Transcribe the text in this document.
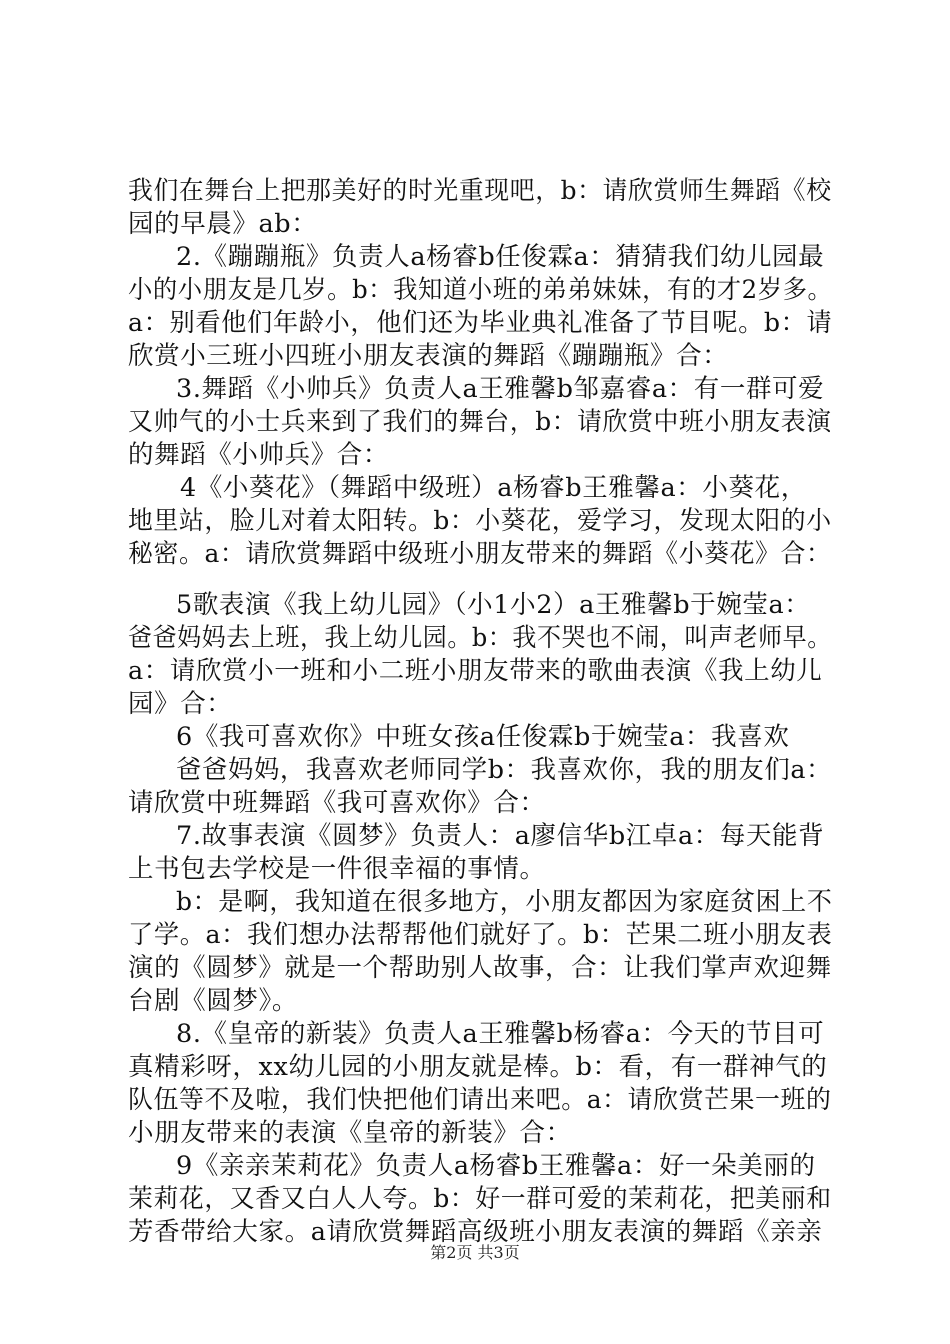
我们在舞台上把那美好的时光重现吧，b：请欣赏师生舞蹈《校
园的早晨》ab：
2.《蹦蹦瓶》负责人a杨睿b任俊霖a：猜猜我们幼儿园最
小的小朋友是几岁。b：我知道小班的弟弟妹妹，有的才2岁多。
a：别看他们年龄小，他们还为毕业典礼准备了节目呢。b：请
欣赏小三班小四班小朋友表演的舞蹈《蹦蹦瓶》合：
3.舞蹈《小帅兵》负责人a王雅馨b邹嘉睿a：有一群可爱
又帅气的小士兵来到了我们的舞台，b：请欣赏中班小朋友表演
的舞蹈《小帅兵》合：
4《小葵花》（舞蹈中级班）a杨睿b王雅馨a：小葵花，
地里站，脸儿对着太阳转。b：小葵花，爱学习，发现太阳的小
秘密。a：请欣赏舞蹈中级班小朋友带来的舞蹈《小葵花》合：
5歌表演《我上幼儿园》（小1小2）a王雅馨b于婉莹a：
爸爸妈妈去上班，我上幼儿园。b：我不哭也不闹，叫声老师早。
a：请欣赏小一班和小二班小朋友带来的歌曲表演《我上幼儿
园》合：
6《我可喜欢你》中班女孩a任俊霖b于婉莹a：我喜欢
爸爸妈妈，我喜欢老师同学b：我喜欢你，我的朋友们a：
请欣赏中班舞蹈《我可喜欢你》合：
7.故事表演《圆梦》负责人：a廖信华b江卓a：每天能背
上书包去学校是一件很幸福的事情。
b：是啊，我知道在很多地方，小朋友都因为家庭贫困上不
了学。a：我们想办法帮帮他们就好了。b：芒果二班小朋友表
演的《圆梦》就是一个帮助别人故事，合：让我们掌声欢迎舞
台剧《圆梦》。
8.《皇帝的新装》负责人a王雅馨b杨睿a：今天的节目可
真精彩呀，xx幼儿园的小朋友就是棒。b：看，有一群神气的
队伍等不及啦，我们快把他们请出来吧。a：请欣赏芒果一班的
小朋友带来的表演《皇帝的新装》合：
9《亲亲茉莉花》负责人a杨睿b王雅馨a：好一朵美丽的
茉莉花，又香又白人人夸。b：好一群可爱的茉莉花，把美丽和
芳香带给大家。a请欣赏舞蹈高级班小朋友表演的舞蹈《亲亲
第2页 共3页
